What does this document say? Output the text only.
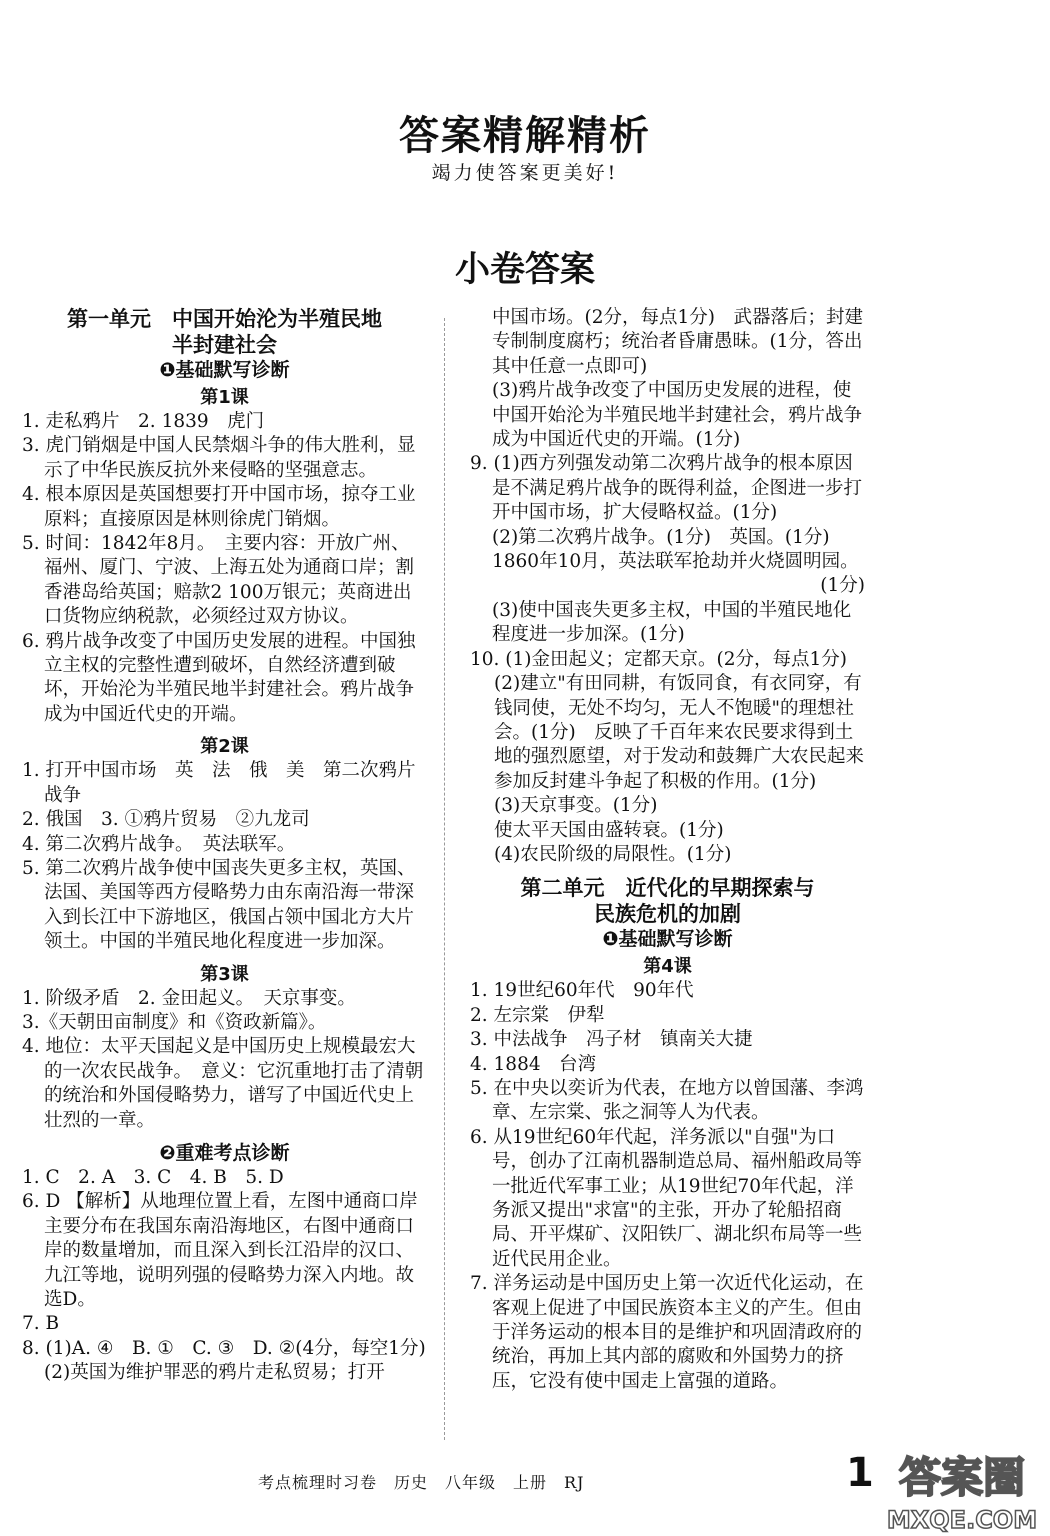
答案精解精析
竭力使答案更美好!
小卷答案

第一单元　中国开始沦为半殖民地

半封建社会

❶基础默写诊断

第1课

1. 走私鸦片　2. 1839　虎门

3. 虎门销烟是中国人民禁烟斗争的伟大胜利，显示了中华民族反抗外来侵略的坚强意志。

4. 根本原因是英国想要打开中国市场，掠夺工业原料；直接原因是林则徐虎门销烟。

5. 时间：1842年8月。　主要内容：开放广州、福州、厦门、宁波、上海五处为通商口岸；割香港岛给英国；赔款2 100万银元；英商进出口货物应纳税款，必须经过双方协议。

6. 鸦片战争改变了中国历史发展的进程。中国独立主权的完整性遭到破坏，自然经济遭到破坏，开始沦为半殖民地半封建社会。鸦片战争成为中国近代史的开端。

第2课

1. 打开中国市场　英　法　俄　美　第二次鸦片战争

2. 俄国　3. ①鸦片贸易　②九龙司

4. 第二次鸦片战争。　英法联军。

5. 第二次鸦片战争使中国丧失更多主权，英国、法国、美国等西方侵略势力由东南沿海一带深入到长江中下游地区，俄国占领中国北方大片领土。中国的半殖民地化程度进一步加深。

第3课

1. 阶级矛盾　2. 金田起义。　天京事变。

3.《天朝田亩制度》和《资政新篇》。

4. 地位：太平天国起义是中国历史上规模最宏大的一次农民战争。　意义：它沉重地打击了清朝的统治和外国侵略势力，谱写了中国近代史上壮烈的一章。

❷重难考点诊断

1. C　2. A　3. C　4. B　5. D

6. D 【解析】从地理位置上看，左图中通商口岸主要分布在我国东南沿海地区，右图中通商口岸的数量增加，而且深入到长江沿岸的汉口、九江等地，说明列强的侵略势力深入内地。故选D。

7. B

8. (1)A. ④　B. ①　C. ③　D. ②(4分，每空1分)

(2)英国为维护罪恶的鸦片走私贸易；打开

中国市场。(2分，每点1分)　武器落后；封建专制制度腐朽；统治者昏庸愚昧。(1分，答出其中任意一点即可)

(3)鸦片战争改变了中国历史发展的进程，使中国开始沦为半殖民地半封建社会，鸦片战争成为中国近代史的开端。(1分)

9. (1)西方列强发动第二次鸦片战争的根本原因是不满足鸦片战争的既得利益，企图进一步打开中国市场，扩大侵略权益。(1分)

(2)第二次鸦片战争。(1分)　英国。(1分)　1860年10月，英法联军抢劫并火烧圆明园。

(1分)

(3)使中国丧失更多主权，中国的半殖民地化程度进一步加深。(1分)

10. (1)金田起义；定都天京。(2分，每点1分)

(2)建立"有田同耕，有饭同食，有衣同穿，有钱同使，无处不均匀，无人不饱暖"的理想社会。(1分)　反映了千百年来农民要求得到土地的强烈愿望，对于发动和鼓舞广大农民起来参加反封建斗争起了积极的作用。(1分)

(3)天京事变。(1分)

使太平天国由盛转衰。(1分)

(4)农民阶级的局限性。(1分)

第二单元　近代化的早期探索与

民族危机的加剧

❶基础默写诊断

第4课

1. 19世纪60年代　90年代

2. 左宗棠　伊犁

3. 中法战争　冯子材　镇南关大捷

4. 1884　台湾

5. 在中央以奕䜣为代表，在地方以曾国藩、李鸿章、左宗棠、张之洞等人为代表。

6. 从19世纪60年代起，洋务派以"自强"为口号，创办了江南机器制造总局、福州船政局等一批近代军事工业；从19世纪70年代起，洋务派又提出"求富"的主张，开办了轮船招商局、开平煤矿、汉阳铁厂、湖北织布局等一些近代民用企业。

7. 洋务运动是中国历史上第一次近代化运动，在客观上促进了中国民族资本主义的产生。但由于洋务运动的根本目的是维护和巩固清政府的统治，再加上其内部的腐败和外国势力的挤压，它没有使中国走上富强的道路。

考点梳理时习卷　历史　八年级　上册　RJ	1 答案圈
MXQE.COM
